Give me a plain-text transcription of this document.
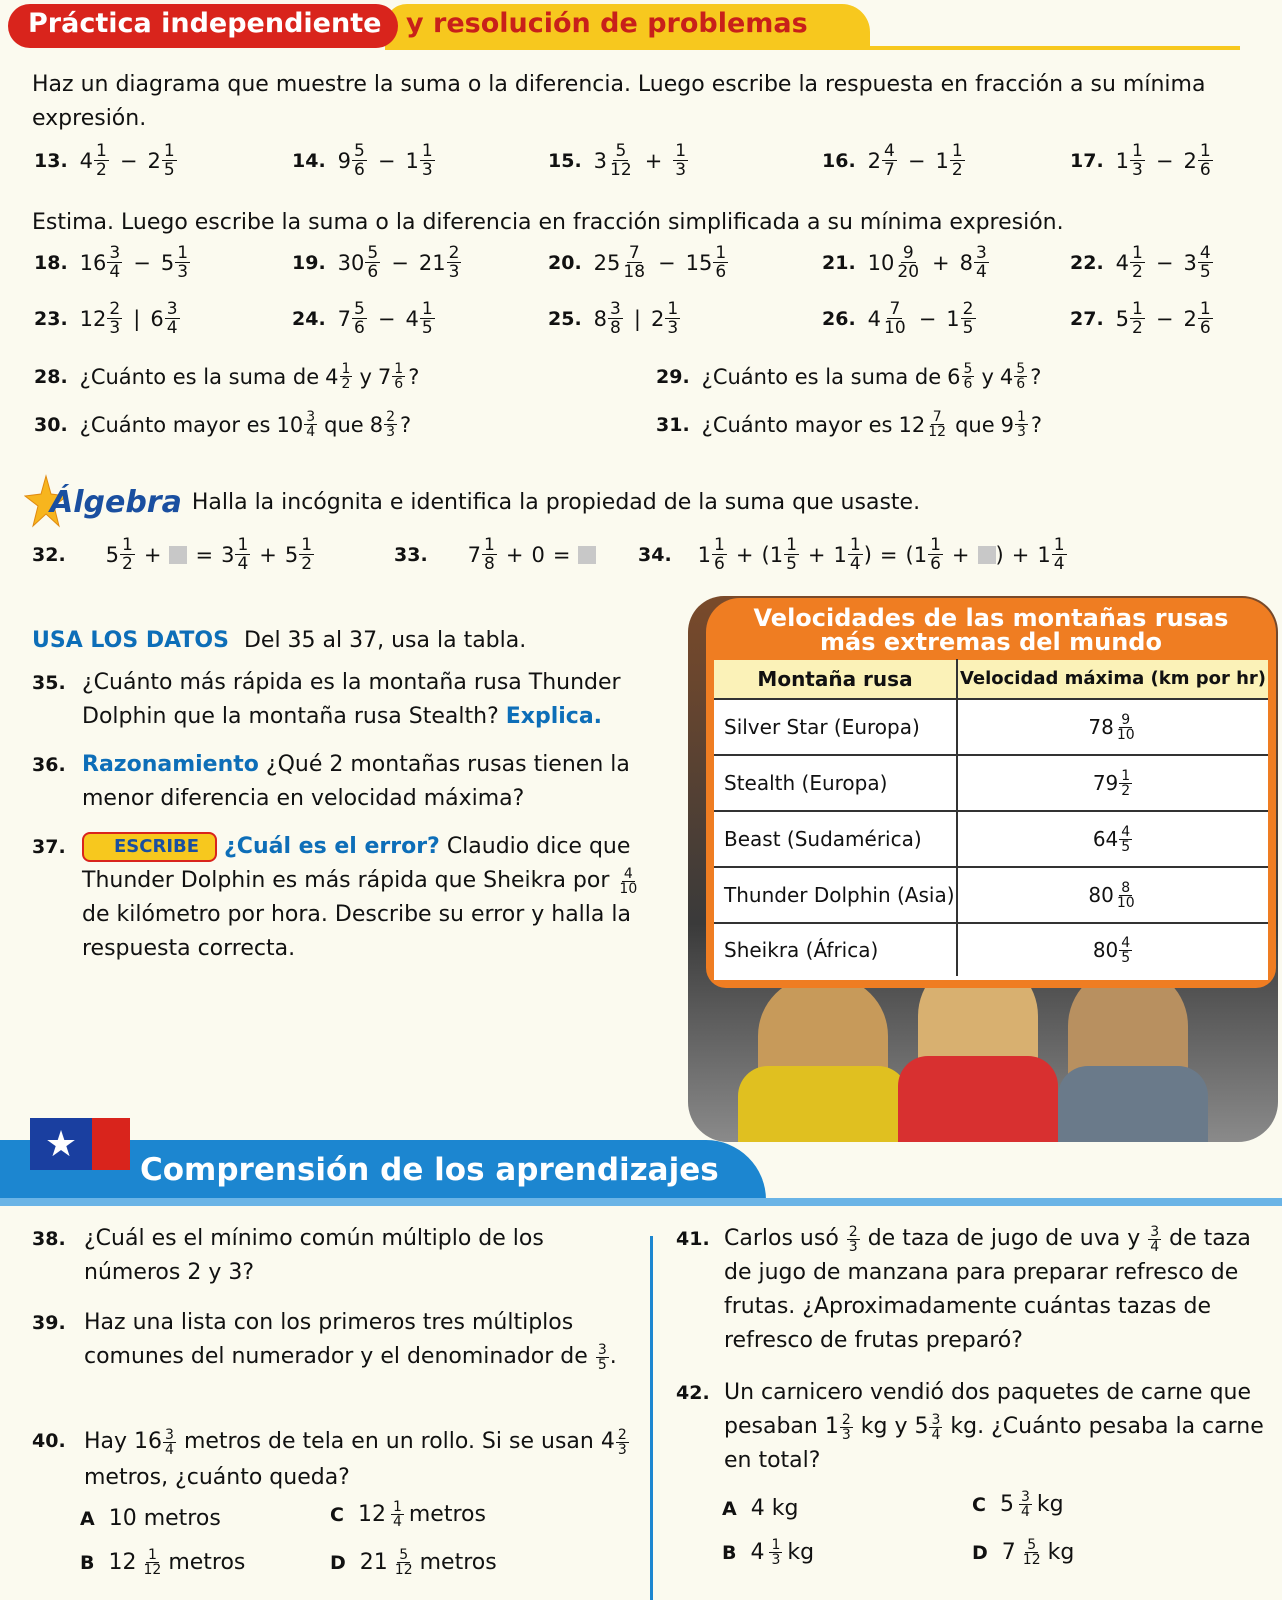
Práctica independiente y resolución de problemas
Haz un diagrama que muestre la suma o la diferencia. Luego escribe la respuesta en fracción a su mínima expresión.
Estima. Luego escribe la suma o la diferencia en fracción simplificada a su mínima expresión.
Álgebra Halla la incógnita e identifica la propiedad de la suma que usaste.
USA LOS DATOS Del 35 al 37, usa la tabla.
35. ¿Cuánto más rápida es la montaña rusa Thunder Dolphin que la montaña rusa Stealth? Explica.
36. Razonamiento ¿Qué 2 montañas rusas tienen la menor diferencia en velocidad máxima?
37.	ESCRIBE ¿Cuál es el error? Claudio dice que Thunder Dolphin es más rápida que Sheikra por $\frac{4}{10}$
de kilómetro por hora. Describe su error y halla la respuesta correcta.
Velocidades de las montañas rusas
más extremas del mundo
Montaña rusa	Velocidad máxima (km por hr)
Silver Star (Europa)	$78 \frac{9}{10}$
Stealth (Europa)	$79 \frac{1}{2}$
Beast (Sudamérica)	$64 \frac{4}{5}$
Thunder Dolphin (Asia)	$80 \frac{8}{10}$
Sheikra (África)	$80 \frac{4}{5}$
★
Comprensión de los aprendizajes
38. ¿Cuál es el mínimo común múltiplo de los números 2 y 3?
39. Haz una lista con los primeros tres múltiplos comunes del numerador y el denominador de $\frac{3}{5}$ .
40. Hay $16 \frac{3}{4}$ metros de tela en un rollo. Si se usan $4 \frac{2}{3}$
metros, ¿cuánto queda?
A 10 metros	C $12 \frac{1}{4}$ metros
B $12 \frac{1}{12}$ metros	D $21 \frac{5}{12}$ metros
41. Carlos usó $\frac{2}{3}$ de taza de jugo de uva y $\frac{3}{4}$ de taza de jugo de manzana para preparar refresco de frutas. ¿Aproximadamente cuántas tazas de refresco de frutas preparó?
42. Un carnicero vendió dos paquetes de carne que pesaban $1 \frac{2}{3}$ kg y $5 \frac{3}{4}$ kg. ¿Cuánto pesaba la carne en total?
A 4 kg	C $5 \frac{3}{4}$ kg
B $4 \frac{1}{3}$ kg	D $7 \frac{5}{12}$ kg
13. $4 \frac{1}{2} - 2 \frac{1}{5}$	14. $9 \frac{5}{6} - 1 \frac{1}{3}$	15. $3 \frac{5}{12} + \frac{1}{3}$	16. $2 \frac{4}{7} - 1 \frac{1}{2}$	17. $1 \frac{1}{3} - 2 \frac{1}{6}$
18. $16 \frac{3}{4} - 5 \frac{1}{3}$	19. $30 \frac{5}{6} - 21 \frac{2}{3}$	20. $25 \frac{7}{18} - 15 \frac{1}{6}$	21. $10 \frac{9}{20} + 8 \frac{3}{4}$	22. $4 \frac{1}{2} - 3 \frac{4}{5}$
23. $12 \frac{2}{3}$ | $6 \frac{3}{4}$	24. $7 \frac{5}{6} - 4 \frac{1}{5}$	25. $8 \frac{3}{8}$ | $2 \frac{1}{3}$	26. $4 \frac{7}{10} - 1 \frac{2}{5}$	27. $5 \frac{1}{2} - 2 \frac{1}{6}$
28. ¿Cuánto es la suma de $4 \frac{1}{2}$ y $7 \frac{1}{6}$ ?	29. ¿Cuánto es la suma de $6 \frac{5}{6}$ y $4 \frac{5}{6}$ ?
30. ¿Cuánto mayor es $10 \frac{3}{4}$ que $8 \frac{2}{3}$ ?	31. ¿Cuánto mayor es $12 \frac{7}{12}$ que $9 \frac{1}{3}$ ?
32. $5 \frac{1}{2}$ + = $3 \frac{1}{4} + 5 \frac{1}{2}$	33. $7 \frac{1}{8} + 0$ =	34. $1 \frac{1}{6}$ + ( $1 \frac{1}{5} + 1 \frac{1}{4}$ ) = ( $1 \frac{1}{6}$ + ) + $1 \frac{1}{4}$
